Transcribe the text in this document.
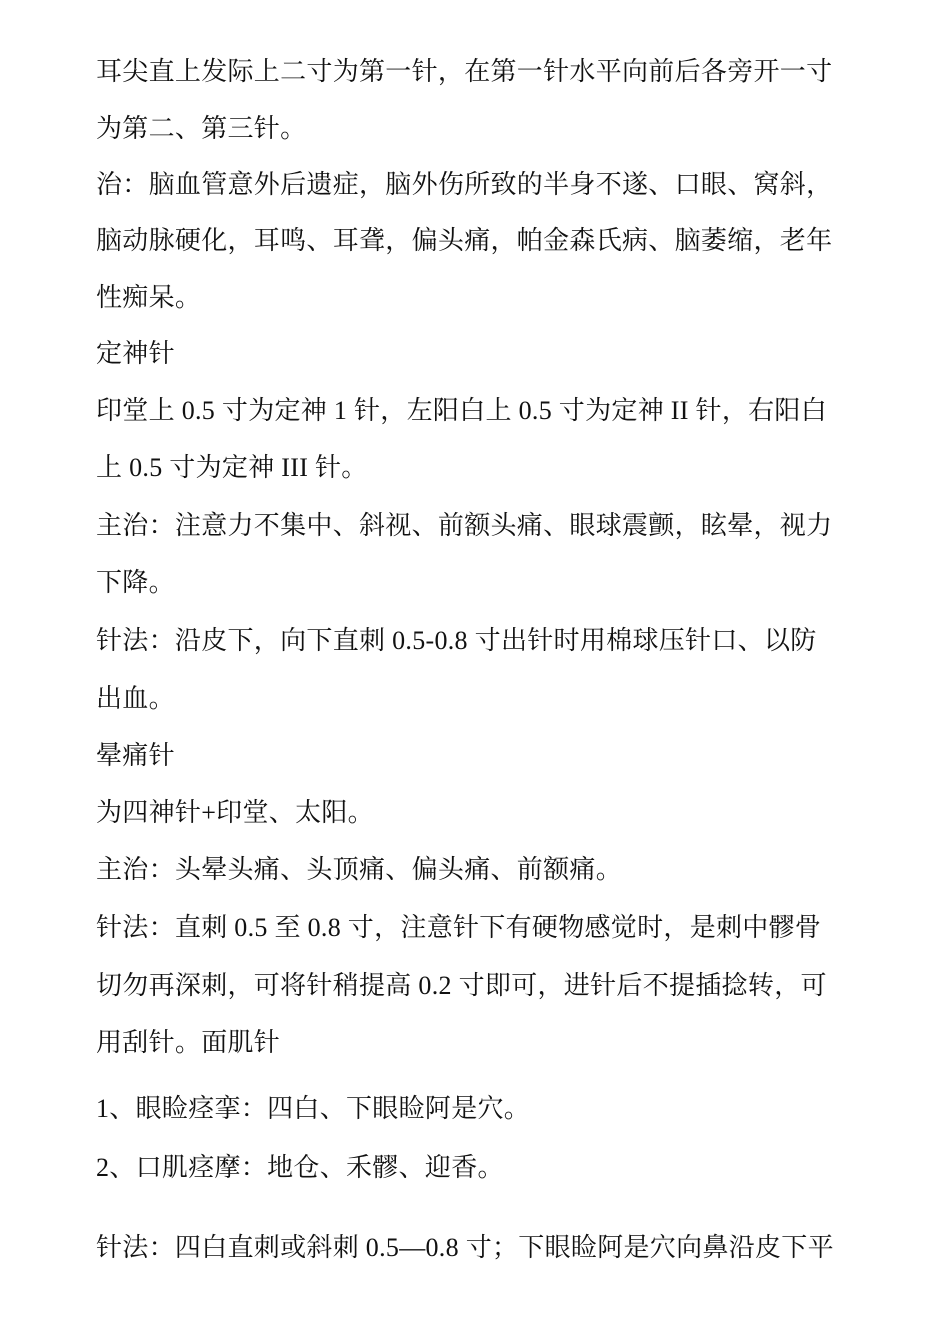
耳尖直上发际上二寸为第一针，在第一针水平向前后各旁开一寸
为第二、第三针。
治：脑血管意外后遗症，脑外伤所致的半身不遂、口眼、窝斜，
脑动脉硬化，耳鸣、耳聋，偏头痛，帕金森氏病、脑萎缩，老年
性痴呆。
定神针
印堂上 0.5 寸为定神 1 针，左阳白上 0.5 寸为定神 II 针，右阳白
上 0.5 寸为定神 III 针。
主治：注意力不集中、斜视、前额头痛、眼球震颤，眩晕，视力
下降。
针法：沿皮下，向下直刺 0.5-0.8 寸出针时用棉球压针口、以防
出血。
晕痛针
为四神针+印堂、太阳。
主治：头晕头痛、头顶痛、偏头痛、前额痛。
针法：直刺 0.5 至 0.8 寸，注意针下有硬物感觉时，是刺中髎骨
切勿再深刺，可将针稍提高 0.2 寸即可，进针后不提插捻转，可
用刮针。面肌针
1、眼睑痉挛：四白、下眼睑阿是穴。
2、口肌痉摩：地仓、禾髎、迎香。
针法：四白直刺或斜刺 0.5—0.8 寸；下眼睑阿是穴向鼻沿皮下平
